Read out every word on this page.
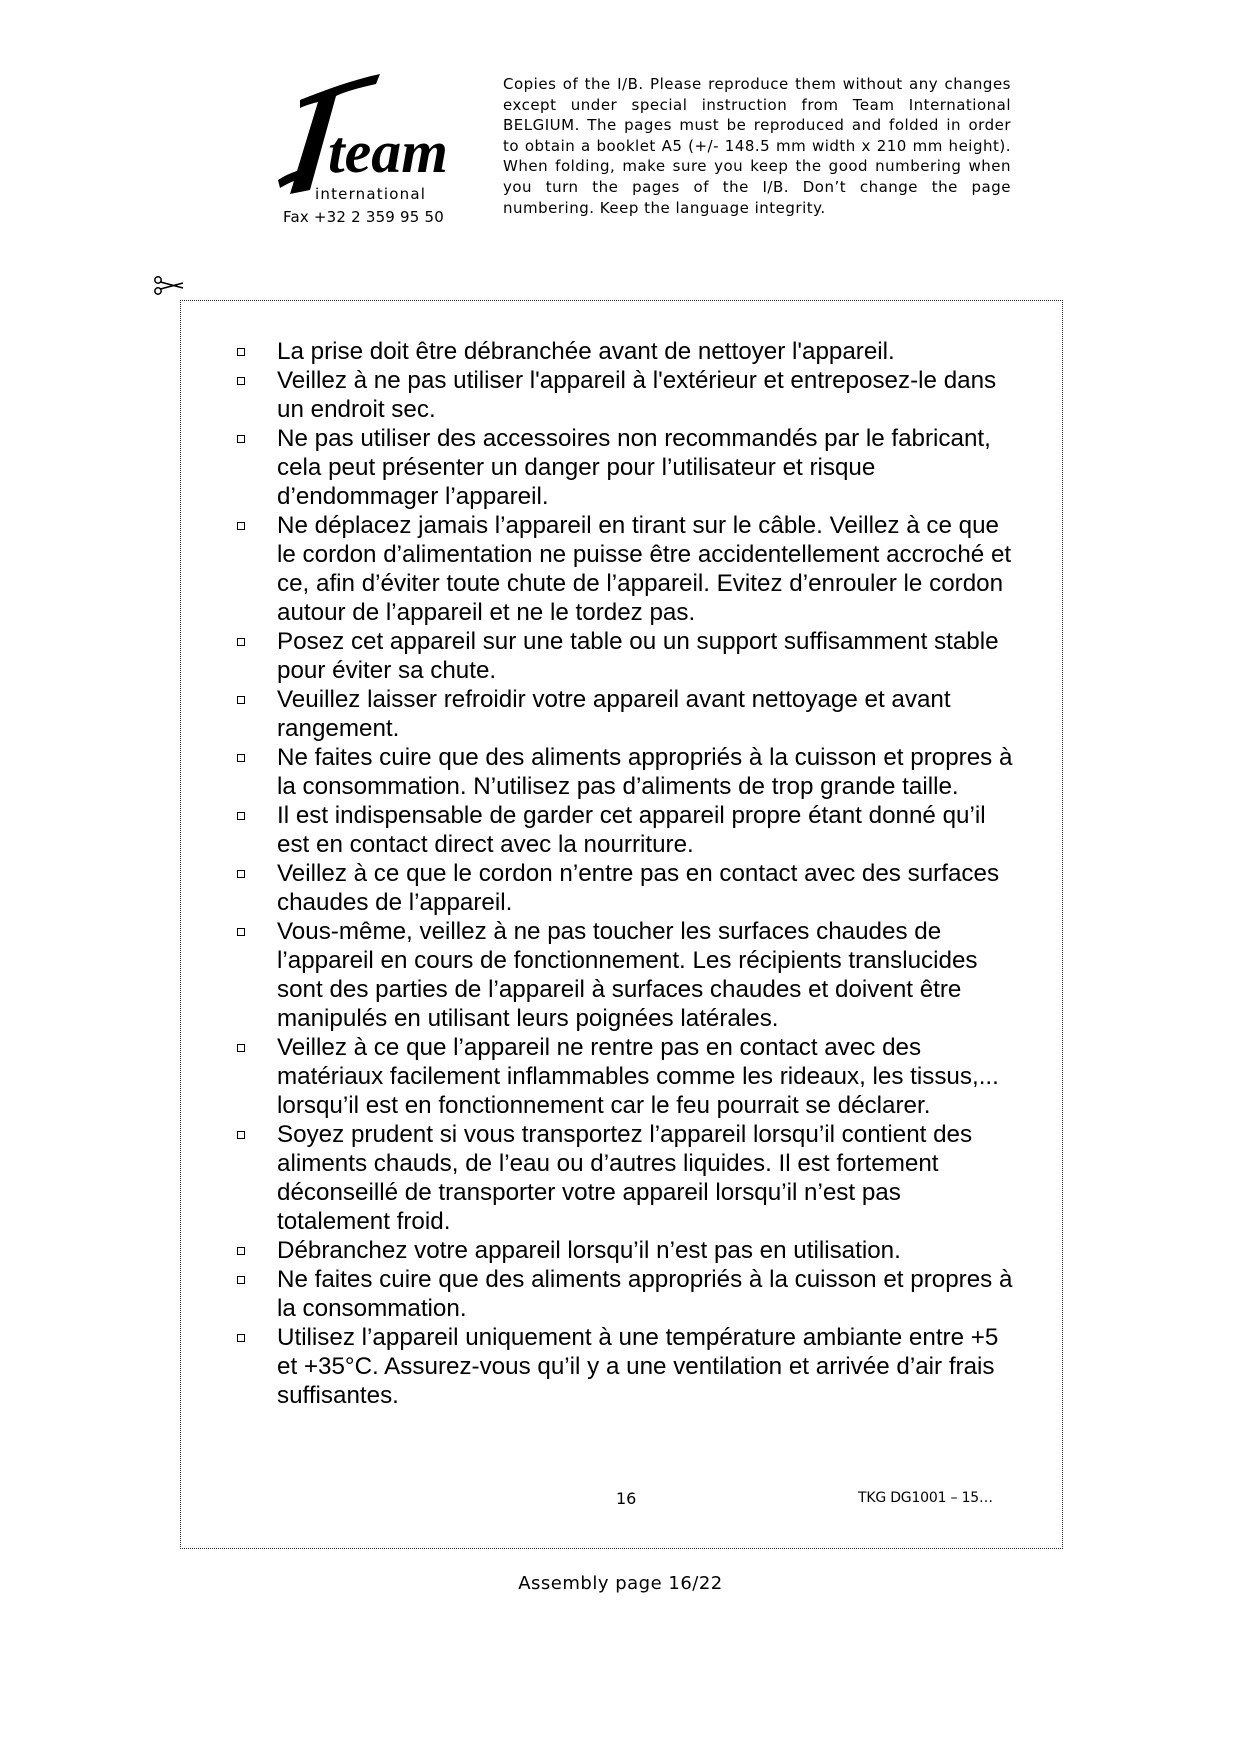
team
international
Fax +32 2 359 95 50
Copies of the I/B. Please reproduce them without any changes except under special instruction from Team International BELGIUM. The pages must be reproduced and folded in order to obtain a booklet A5 (+/- 148.5 mm width x 210 mm height). When folding, make sure you keep the good numbering when you turn the pages of the I/B. Don’t change the page numbering. Keep the language integrity.
La prise doit être débranchée avant de nettoyer l'appareil.
Veillez à ne pas utiliser l'appareil à l'extérieur et entreposez-le dans un endroit sec.
Ne pas utiliser des accessoires non recommandés par le fabricant, cela peut présenter un danger pour l’utilisateur et risque d’endommager l’appareil.
Ne déplacez jamais l’appareil en tirant sur le câble. Veillez à ce que le cordon d’alimentation ne puisse être accidentellement accroché et ce, afin d’éviter toute chute de l’appareil. Evitez d’enrouler le cordon autour de l’appareil et ne le tordez pas.
Posez cet appareil sur une table ou un support suffisamment stable pour éviter sa chute.
Veuillez laisser refroidir votre appareil avant nettoyage et avant rangement.
Ne faites cuire que des aliments appropriés à la cuisson et propres à la consommation. N’utilisez pas d’aliments de trop grande taille.
Il est indispensable de garder cet appareil propre étant donné qu’il est en contact direct avec la nourriture.
Veillez à ce que le cordon n’entre pas en contact avec des surfaces chaudes de l’appareil.
Vous-même, veillez à ne pas toucher les surfaces chaudes de l’appareil en cours de fonctionnement. Les récipients translucides sont des parties de l’appareil à surfaces chaudes et doivent être manipulés en utilisant leurs poignées latérales.
Veillez à ce que l’appareil ne rentre pas en contact avec des matériaux facilement inflammables comme les rideaux, les tissus,... lorsqu’il est en fonctionnement car le feu pourrait se déclarer.
Soyez prudent si vous transportez l’appareil lorsqu’il contient des aliments chauds, de l’eau ou d’autres liquides. Il est fortement déconseillé de transporter votre appareil lorsqu’il n’est pas totalement froid.
Débranchez votre appareil lorsqu’il n’est pas en utilisation.
Ne faites cuire que des aliments appropriés à la cuisson et propres à la consommation.
Utilisez l’appareil uniquement à une température ambiante entre +5 et +35°C. Assurez-vous qu’il y a une ventilation et arrivée d’air frais suffisantes.
16	TKG DG1001 – 15…
Assembly page 16/22
